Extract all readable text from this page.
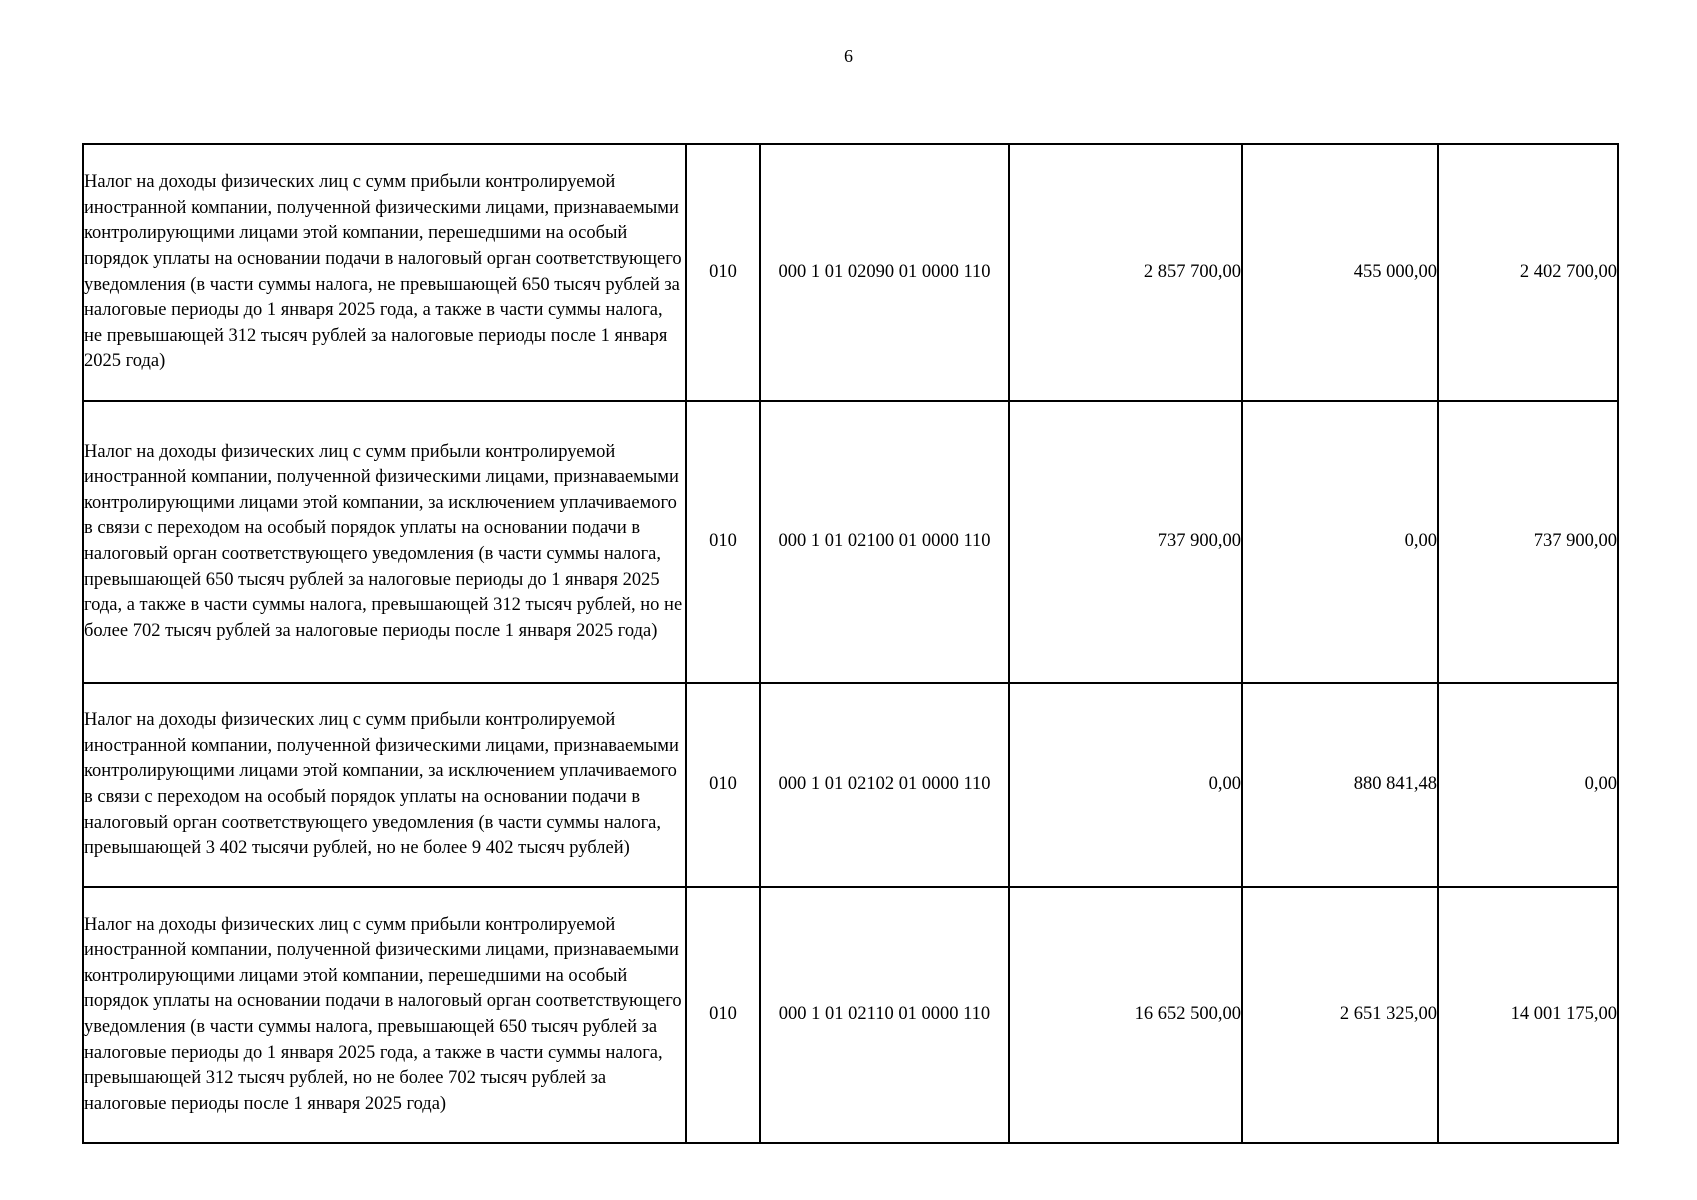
6
Налог на доходы физических лиц с сумм прибыли контролируемой иностранной компании, полученной физическими лицами, признаваемыми контролирующими лицами этой компании, перешедшими на особый порядок уплаты на основании подачи в налоговый орган соответствующего уведомления (в части суммы налога, не превышающей 650 тысяч рублей за налоговые периоды до 1 января 2025 года, а также в части суммы налога, не превышающей 312 тысяч рублей за налоговые периоды после 1 января 2025 года)	010	000 1 01 02090 01 0000 110	2 857 700,00	455 000,00	2 402 700,00
Налог на доходы физических лиц с сумм прибыли контролируемой иностранной компании, полученной физическими лицами, признаваемыми контролирующими лицами этой компании, за исключением уплачиваемого в связи с переходом на особый порядок уплаты на основании подачи в налоговый орган соответствующего уведомления (в части суммы налога, превышающей 650 тысяч рублей за налоговые периоды до 1 января 2025 года, а также в части суммы налога, превышающей 312 тысяч рублей, но не более 702 тысяч рублей за налоговые периоды после 1 января 2025 года)	010	000 1 01 02100 01 0000 110	737 900,00	0,00	737 900,00
Налог на доходы физических лиц с сумм прибыли контролируемой иностранной компании, полученной физическими лицами, признаваемыми контролирующими лицами этой компании, за исключением уплачиваемого в связи с переходом на особый порядок уплаты на основании подачи в налоговый орган соответствующего уведомления (в части суммы налога, превышающей 3 402 тысячи рублей, но не более 9 402 тысяч рублей)	010	000 1 01 02102 01 0000 110	0,00	880 841,48	0,00
Налог на доходы физических лиц с сумм прибыли контролируемой иностранной компании, полученной физическими лицами, признаваемыми контролирующими лицами этой компании, перешедшими на особый порядок уплаты на основании подачи в налоговый орган соответствующего уведомления (в части суммы налога, превышающей 650 тысяч рублей за налоговые периоды до 1 января 2025 года, а также в части суммы налога, превышающей 312 тысяч рублей, но не более 702 тысяч рублей за налоговые периоды после 1 января 2025 года)	010	000 1 01 02110 01 0000 110	16 652 500,00	2 651 325,00	14 001 175,00
